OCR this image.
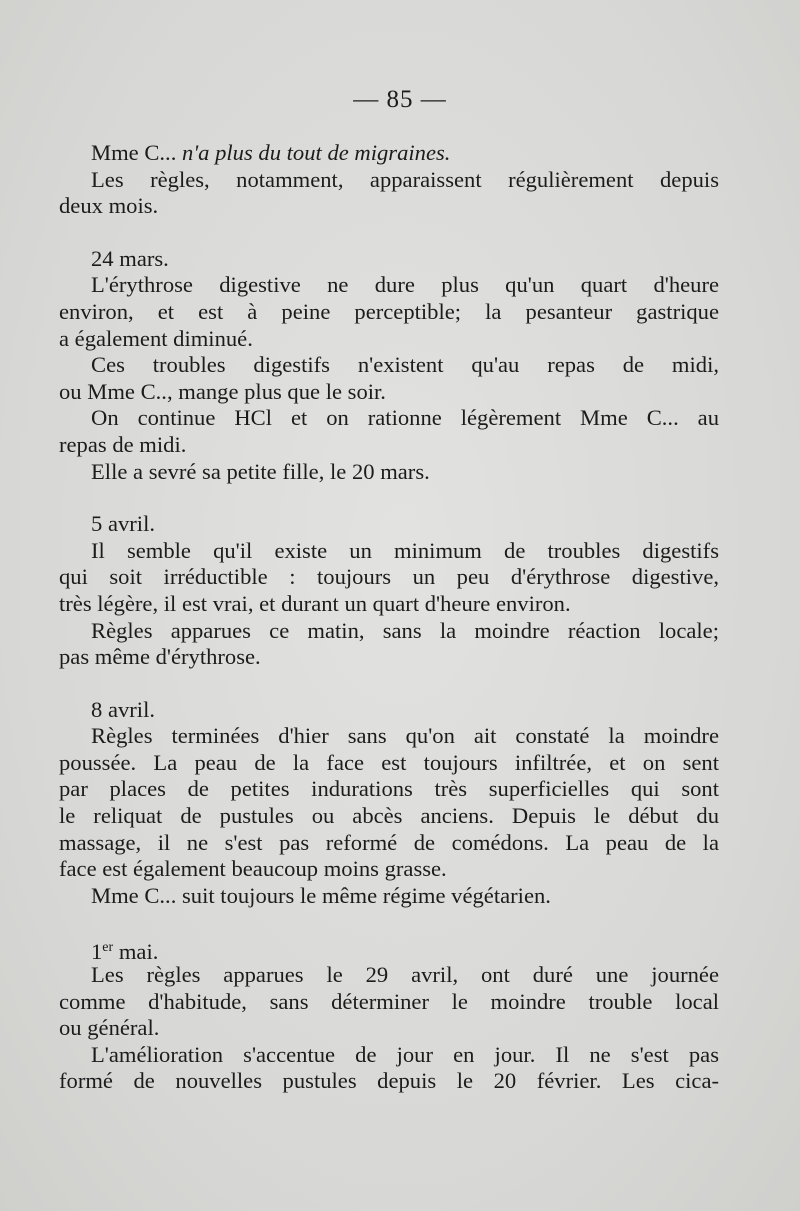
— 85 —
Mme C... n'a plus du tout de migraines.
Les règles, notamment, apparaissent régulièrement depuis
deux mois.
24 mars.
L'érythrose digestive ne dure plus qu'un quart d'heure
environ, et est à peine perceptible; la pesanteur gastrique
a également diminué.
Ces troubles digestifs n'existent qu'au repas de midi,
ou Mme C.., mange plus que le soir.
On continue HCl et on rationne légèrement Mme C... au
repas de midi.
Elle a sevré sa petite fille, le 20 mars.
5 avril.
Il semble qu'il existe un minimum de troubles digestifs
qui soit irréductible : toujours un peu d'érythrose digestive,
très légère, il est vrai, et durant un quart d'heure environ.
Règles apparues ce matin, sans la moindre réaction locale;
pas même d'érythrose.
8 avril.
Règles terminées d'hier sans qu'on ait constaté la moindre
poussée. La peau de la face est toujours infiltrée, et on sent
par places de petites indurations très superficielles qui sont
le reliquat de pustules ou abcès anciens. Depuis le début du
massage, il ne s'est pas reformé de comédons. La peau de la
face est également beaucoup moins grasse.
Mme C... suit toujours le même régime végétarien.
1er mai.
Les règles apparues le 29 avril, ont duré une journée
comme d'habitude, sans déterminer le moindre trouble local
ou général.
L'amélioration s'accentue de jour en jour. Il ne s'est pas
formé de nouvelles pustules depuis le 20 février. Les cica-
